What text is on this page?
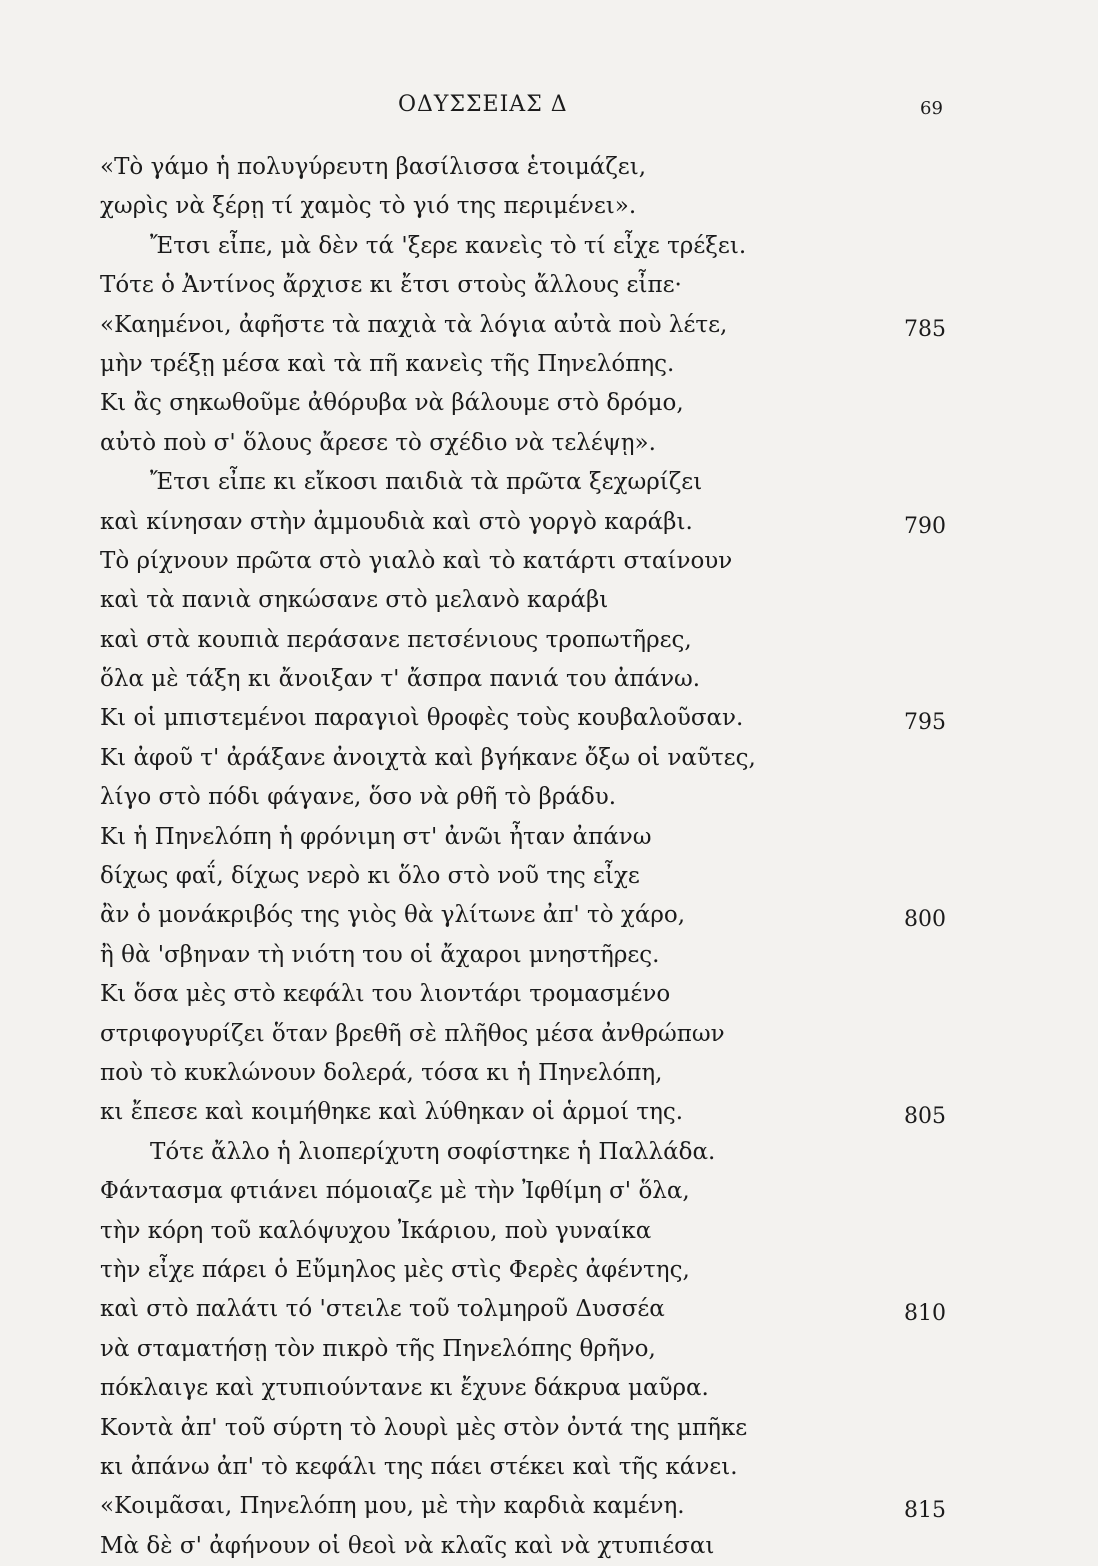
ΟΔΥΣΣΕΙΑΣ Δ	69
«Τὸ γάμο ἡ πολυγύρευτη βασίλισσα ἑτοιμάζει,
χωρὶς νὰ ξέρῃ τί χαμὸς τὸ γιό της περιμένει».
Ἔτσι εἶπε, μὰ δὲν τά 'ξερε κανεὶς τὸ τί εἶχε τρέξει.
Τότε ὁ Ἀντίνος ἄρχισε κι ἔτσι στοὺς ἄλλους εἶπε·
«Καημένοι, ἀφῆστε τὰ παχιὰ τὰ λόγια αὐτὰ ποὺ λέτε,	785
μὴν τρέξῃ μέσα καὶ τὰ πῆ κανεὶς τῆς Πηνελόπης.
Κι ἂς σηκωθοῦμε ἀθόρυβα νὰ βάλουμε στὸ δρόμο,
αὐτὸ ποὺ σ' ὅλους ἄρεσε τὸ σχέδιο νὰ τελέψῃ».
Ἔτσι εἶπε κι εἴκοσι παιδιὰ τὰ πρῶτα ξεχωρίζει
καὶ κίνησαν στὴν ἀμμουδιὰ καὶ στὸ γοργὸ καράβι.	790
Τὸ ρίχνουν πρῶτα στὸ γιαλὸ καὶ τὸ κατάρτι σταίνουν
καὶ τὰ πανιὰ σηκώσανε στὸ μελανὸ καράβι
καὶ στὰ κουπιὰ περάσανε πετσένιους τροπωτῆρες,
ὅλα μὲ τάξη κι ἄνοιξαν τ' ἄσπρα πανιά του ἀπάνω.
Κι οἱ μπιστεμένοι παραγιοὶ θροφὲς τοὺς κουβαλοῦσαν.	795
Κι ἀφοῦ τ' ἀράξανε ἀνοιχτὰ καὶ βγήκανε ὄξω οἱ ναῦτες,
λίγο στὸ πόδι φάγανε, ὅσο νὰ ρθῆ τὸ βράδυ.
Κι ἡ Πηνελόπη ἡ φρόνιμη στ' ἀνῶι ἦταν ἀπάνω
δίχως φαΐ, δίχως νερὸ κι ὅλο στὸ νοῦ της εἶχε
ἂν ὁ μονάκριβός της γιὸς θὰ γλίτωνε ἀπ' τὸ χάρο,	800
ἢ θὰ 'σβηναν τὴ νιότη του οἱ ἄχαροι μνηστῆρες.
Κι ὅσα μὲς στὸ κεφάλι του λιοντάρι τρομασμένο
στριφογυρίζει ὅταν βρεθῆ σὲ πλῆθος μέσα ἀνθρώπων
ποὺ τὸ κυκλώνουν δολερά, τόσα κι ἡ Πηνελόπη,
κι ἔπεσε καὶ κοιμήθηκε καὶ λύθηκαν οἱ ἁρμοί της.	805
Τότε ἄλλο ἡ λιοπερίχυτη σοφίστηκε ἡ Παλλάδα.
Φάντασμα φτιάνει πόμοιαζε μὲ τὴν Ἰφθίμη σ' ὅλα,
τὴν κόρη τοῦ καλόψυχου Ἰκάριου, ποὺ γυναίκα
τὴν εἶχε πάρει ὁ Εὔμηλος μὲς στὶς Φερὲς ἀφέντης,
καὶ στὸ παλάτι τό 'στειλε τοῦ τολμηροῦ Δυσσέα	810
νὰ σταματήσῃ τὸν πικρὸ τῆς Πηνελόπης θρῆνο,
πόκλαιγε καὶ χτυπιούντανε κι ἔχυνε δάκρυα μαῦρα.
Κοντὰ ἀπ' τοῦ σύρτη τὸ λουρὶ μὲς στὸν ὀντά της μπῆκε
κι ἀπάνω ἀπ' τὸ κεφάλι της πάει στέκει καὶ τῆς κάνει.
«Κοιμᾶσαι, Πηνελόπη μου, μὲ τὴν καρδιὰ καμένη.	815
Μὰ δὲ σ' ἀφήνουν οἱ θεοὶ νὰ κλαῖς καὶ νὰ χτυπιέσαι
